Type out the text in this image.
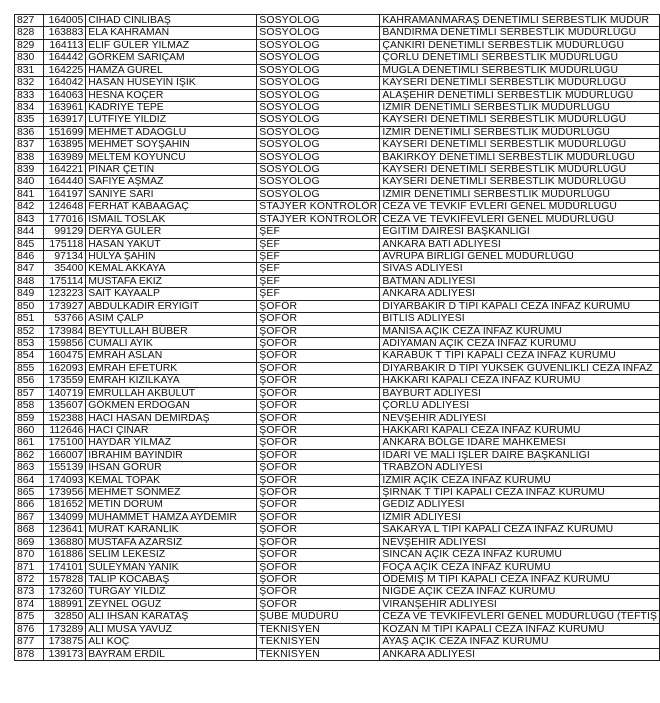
827	164005	CİHAD CİNLİBAŞ	SOSYOLOG	KAHRAMANMARAŞ DENETİMLİ SERBESTLİK MÜDÜR
828	163883	ELA KAHRAMAN	SOSYOLOG	BANDIRMA DENETİMLİ SERBESTLİK MÜDÜRLÜĞÜ
829	164113	ELİF GÜLER YILMAZ	SOSYOLOG	ÇANKIRI DENETİMLİ SERBESTLİK MÜDÜRLÜĞÜ
830	164442	GÖRKEM SARIÇAM	SOSYOLOG	ÇORLU DENETİMLİ SERBESTLİK MÜDÜRLÜĞÜ
831	164225	HAMZA GÜREL	SOSYOLOG	MUĞLA DENETİMLİ SERBESTLİK MÜDÜRLÜĞÜ
832	164042	HASAN HÜSEYİN IŞIK	SOSYOLOG	KAYSERİ DENETİMLİ SERBESTLİK MÜDÜRLÜĞÜ
833	164063	HESNA KOÇER	SOSYOLOG	ALAŞEHİR DENETİMLİ SERBESTLİK MÜDÜRLÜĞÜ
834	163961	KADRİYE TEPE	SOSYOLOG	İZMİR DENETİMLİ SERBESTLİK MÜDÜRLÜĞÜ
835	163917	LUTFİYE YILDIZ	SOSYOLOG	KAYSERİ DENETİMLİ SERBESTLİK MÜDÜRLÜĞÜ
836	151699	MEHMET ADAOĞLU	SOSYOLOG	İZMİR DENETİMLİ SERBESTLİK MÜDÜRLÜĞÜ
837	163895	MEHMET SOYŞAHİN	SOSYOLOG	KAYSERİ DENETİMLİ SERBESTLİK MÜDÜRLÜĞÜ
838	163989	MELTEM KOYUNCU	SOSYOLOG	BAKIRKÖY DENETİMLİ SERBESTLİK MÜDÜRLÜĞÜ
839	164221	PINAR ÇETİN	SOSYOLOG	KAYSERİ DENETİMLİ SERBESTLİK MÜDÜRLÜĞÜ
840	164440	SAFİYE AŞMAZ	SOSYOLOG	KAYSERİ DENETİMLİ SERBESTLİK MÜDÜRLÜĞÜ
841	164197	SANİYE SARI	SOSYOLOG	İZMİR DENETİMLİ SERBESTLİK MÜDÜRLÜĞÜ
842	124648	FERHAT KABAAĞAÇ	STAJYER KONTROLÖR	CEZA VE TEVKİF EVLERİ GENEL MÜDÜRLÜĞÜ
843	177016	İSMAİL TOSLAK	STAJYER KONTROLÖR	CEZA VE TEVKİFEVLERİ GENEL MÜDÜRLÜĞÜ
844	99129	DERYA GÜLER	ŞEF	EĞİTİM DAİRESİ BAŞKANLIĞI
845	175118	HASAN YAKUT	ŞEF	ANKARA BATI ADLİYESİ
846	97134	HÜLYA ŞAHİN	ŞEF	AVRUPA BİRLİĞİ GENEL MÜDÜRLÜĞÜ
847	35400	KEMAL AKKAYA	ŞEF	SİVAS ADLİYESİ
848	175114	MUSTAFA EKİZ	ŞEF	BATMAN ADLİYESİ
849	123223	SAİT KAYAALP	ŞEF	ANKARA ADLİYESİ
850	173927	ABDULKADİR ERYİĞİT	ŞOFÖR	DİYARBAKIR D TİPİ KAPALI CEZA İNFAZ KURUMU
851	53766	ASIM ÇALP	ŞOFÖR	BİTLİS ADLİYESİ
852	173984	BEYTULLAH BÜBER	ŞOFÖR	MANİSA AÇIK CEZA İNFAZ KURUMU
853	159856	CUMALİ AYİK	ŞOFÖR	ADIYAMAN AÇIK CEZA İNFAZ KURUMU
854	160475	EMRAH ASLAN	ŞOFÖR	KARABÜK T TİPİ KAPALI CEZA İNFAZ KURUMU
855	162093	EMRAH EFETÜRK	ŞOFÖR	DİYARBAKIR D TİPİ YÜKSEK GÜVENLİKLİ CEZA İNFAZ
856	173559	EMRAH KIZILKAYA	ŞOFÖR	HAKKARİ KAPALI CEZA İNFAZ KURUMU
857	140719	EMRULLAH AKBULUT	ŞOFÖR	BAYBURT ADLİYESİ
858	135607	GÖKMEN ERDOĞAN	ŞOFÖR	ÇORLU ADLİYESİ
859	152388	HACI HASAN DEMİRDAŞ	ŞOFÖR	NEVŞEHİR ADLİYESİ
860	112646	HACİ ÇINAR	ŞOFÖR	HAKKARİ KAPALI CEZA İNFAZ KURUMU
861	175100	HAYDAR YILMAZ	ŞOFÖR	ANKARA BÖLGE İDARE MAHKEMESİ
862	166007	İBRAHİM BAYINDIR	ŞOFÖR	İDARİ VE MALİ İŞLER DAİRE BAŞKANLIĞI
863	155139	İHSAN GÖRÜR	ŞOFÖR	TRABZON ADLİYESİ
864	174093	KEMAL TOPAK	ŞOFÖR	İZMİR AÇIK CEZA İNFAZ KURUMU
865	173956	MEHMET SÖNMEZ	ŞOFÖR	ŞIRNAK T TİPİ KAPALI CEZA İNFAZ KURUMU
866	181652	METİN DORUM	ŞOFÖR	GEDİZ ADLİYESİ
867	134099	MUHAMMET HAMZA AYDEMİR	ŞOFÖR	İZMİR ADLİYESİ
868	123641	MURAT KARANLIK	ŞOFÖR	SAKARYA L TİPİ KAPALI CEZA İNFAZ KURUMU
869	136880	MUSTAFA AZARSIZ	ŞOFÖR	NEVŞEHİR ADLİYESİ
870	161886	SELİM LEKESİZ	ŞOFÖR	SİNCAN AÇIK CEZA İNFAZ KURUMU
871	174101	SÜLEYMAN YANIK	ŞOFÖR	FOÇA AÇIK CEZA İNFAZ KURUMU
872	157828	TALİP KOCABAŞ	ŞOFÖR	ÖDEMİŞ M TİPİ KAPALI CEZA İNFAZ KURUMU
873	173260	TURGAY YILDIZ	ŞOFÖR	NİĞDE AÇIK CEZA İNFAZ KURUMU
874	188991	ZEYNEL OĞUZ	ŞOFÖR	VİRANŞEHİR ADLİYESİ
875	32850	ALİ İHSAN KARATAŞ	ŞUBE MÜDÜRÜ	CEZA VE TEVKİFEVLERİ GENEL MÜDÜRLÜĞÜ (TEFTİŞ
876	173289	ALİ MUSA YAVUZ	TEKNİSYEN	KOZAN M TİPİ KAPALI CEZA İNFAZ KURUMU
877	173875	ALİ KOÇ	TEKNİSYEN	AYAŞ AÇIK CEZA İNFAZ KURUMU
878	139173	BAYRAM ERDİL	TEKNİSYEN	ANKARA ADLİYESİ
